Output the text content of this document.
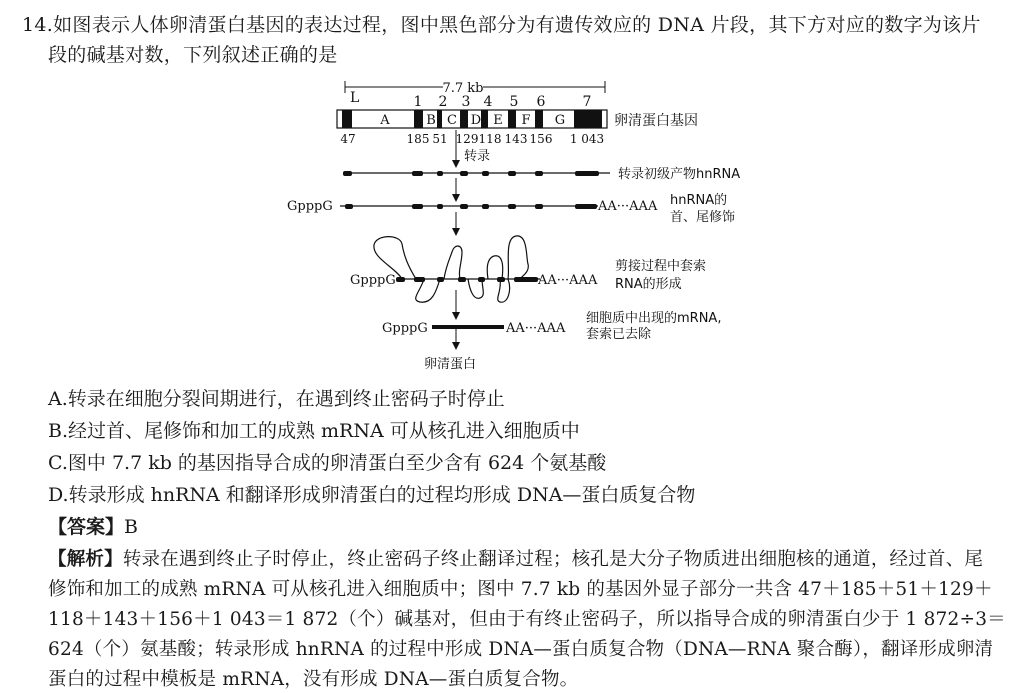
14.如图表示人体卵清蛋白基因的表达过程，图中黑色部分为有遗传效应的 DNA 片段，其下方对应的数字为该片
段的碱基对数，下列叙述正确的是
7.7 kb
L	1 2 3 4 5 6	7
A	B C D E F G	卵清蛋白基因
47	185 51 129 118 143 156 1 043
转录
转录初级产物hnRNA
GpppG	AA···AAA hnRNA的
首、尾修饰
GpppG	AA···AAA
剪接过程中套索
RNA的形成
GpppG	AA···AAA
细胞质中出现的mRNA,
套索已去除
卵清蛋白
A.转录在细胞分裂间期进行，在遇到终止密码子时停止
B.经过首、尾修饰和加工的成熟 mRNA 可从核孔进入细胞质中
C.图中 7.7 kb 的基因指导合成的卵清蛋白至少含有 624 个氨基酸
D.转录形成 hnRNA 和翻译形成卵清蛋白的过程均形成 DNA—蛋白质复合物
【答案】B
【解析】转录在遇到终止子时停止，终止密码子终止翻译过程；核孔是大分子物质进出细胞核的通道，经过首、尾
修饰和加工的成熟 mRNA 可从核孔进入细胞质中；图中 7.7 kb 的基因外显子部分一共含 47＋185＋51＋129＋
118＋143＋156＋1 043＝1 872（个）碱基对，但由于有终止密码子，所以指导合成的卵清蛋白少于 1 872÷3＝
624（个）氨基酸；转录形成 hnRNA 的过程中形成 DNA—蛋白质复合物（DNA—RNA 聚合酶），翻译形成卵清
蛋白的过程中模板是 mRNA，没有形成 DNA—蛋白质复合物。
